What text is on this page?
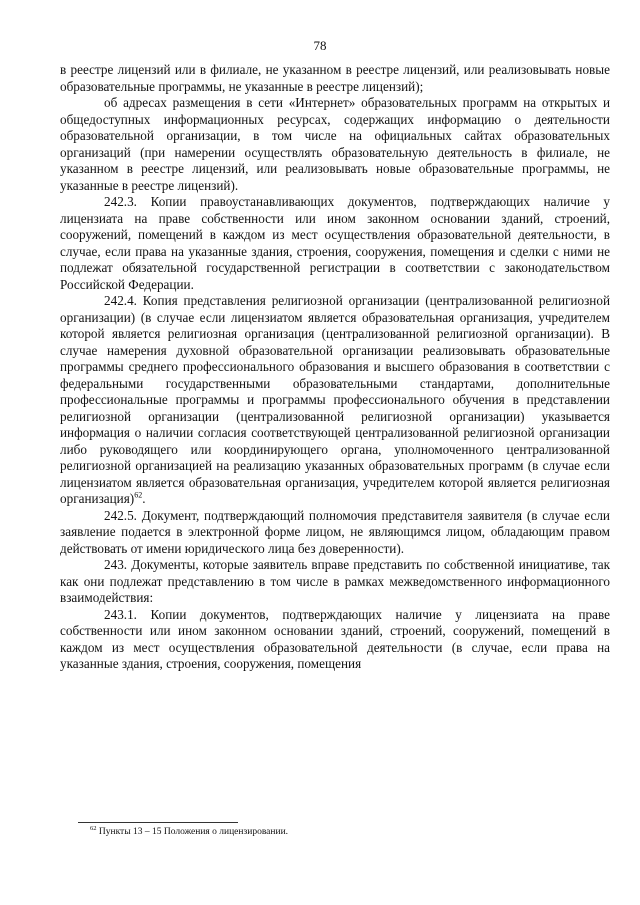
78

в реестре лицензий или в филиале, не указанном в реестре лицензий, или реализовывать новые образовательные программы, не указанные в реестре лицензий);

об адресах размещения в сети «Интернет» образовательных программ на открытых и общедоступных информационных ресурсах, содержащих информацию о деятельности образовательной организации, в том числе на официальных сайтах образовательных организаций (при намерении осуществлять образовательную деятельность в филиале, не указанном в реестре лицензий, или реализовывать новые образовательные программы, не указанные в реестре лицензий).

242.3. Копии правоустанавливающих документов, подтверждающих наличие у лицензиата на праве собственности или ином законном основании зданий, строений, сооружений, помещений в каждом из мест осуществления образовательной деятельности, в случае, если права на указанные здания, строения, сооружения, помещения и сделки с ними не подлежат обязательной государственной регистрации в соответствии с законодательством Российской Федерации.

242.4. Копия представления религиозной организации (централизованной религиозной организации) (в случае если лицензиатом является образовательная организация, учредителем которой является религиозная организация (централизованной религиозной организации). В случае намерения духовной образовательной организации реализовывать образовательные программы среднего профессионального образования и высшего образования в соответствии с федеральными государственными образовательными стандартами, дополнительные профессиональные программы и программы профессионального обучения в представлении религиозной организации (централизованной религиозной организации) указывается информация о наличии согласия соответствующей централизованной религиозной организации либо руководящего или координирующего органа, уполномоченного централизованной религиозной организацией на реализацию указанных образовательных программ (в случае если лицензиатом является образовательная организация, учредителем которой является религиозная организация)$^{62}$.

242.5. Документ, подтверждающий полномочия представителя заявителя (в случае если заявление подается в электронной форме лицом, не являющимся лицом, обладающим правом действовать от имени юридического лица без доверенности).

243. Документы, которые заявитель вправе представить по собственной инициативе, так как они подлежат представлению в том числе в рамках межведомственного информационного взаимодействия:

243.1. Копии документов, подтверждающих наличие у лицензиата на праве собственности или ином законном основании зданий, строений, сооружений, помещений в каждом из мест осуществления образовательной деятельности (в случае, если права на указанные здания, строения, сооружения, помещения

$^{62}$ Пункты 13 – 15 Положения о лицензировании.
